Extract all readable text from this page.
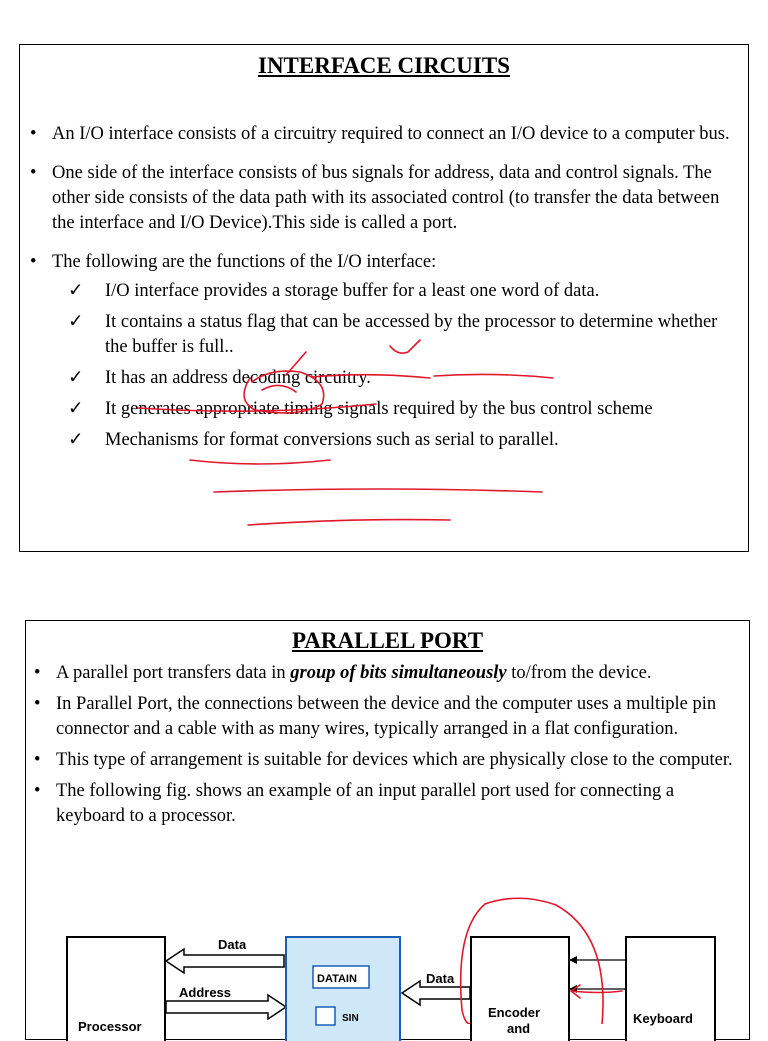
INTERFACE CIRCUITS
• An I/O interface consists of a circuitry required to connect an I/O device to a computer bus.
• One side of the interface consists of bus signals for address, data and control signals. The other side consists of the data path with its associated control (to transfer the data between the interface and I/O Device).This side is called a port.
• The following are the functions of the I/O interface:
✓ I/O interface provides a storage buffer for a least one word of data.
✓ It contains a status flag that can be accessed by the processor to determine whether the buffer is full..
✓ It has an address decoding circuitry.
✓ It generates appropriate timing signals required by the bus control scheme
✓ Mechanisms for format conversions such as serial to parallel.
PARALLEL PORT
• A parallel port transfers data in group of bits simultaneously to/from the device.
• In Parallel Port, the connections between the device and the computer uses a multiple pin connector and a cable with as many wires, typically arranged in a flat configuration.
• This type of arrangement is suitable for devices which are physically close to the computer.
• The following fig. shows an example of an input parallel port used for connecting a keyboard to a processor.
Processor
Data
Address
DATAIN
SIN
Data
Encoder
and
Keyboard
